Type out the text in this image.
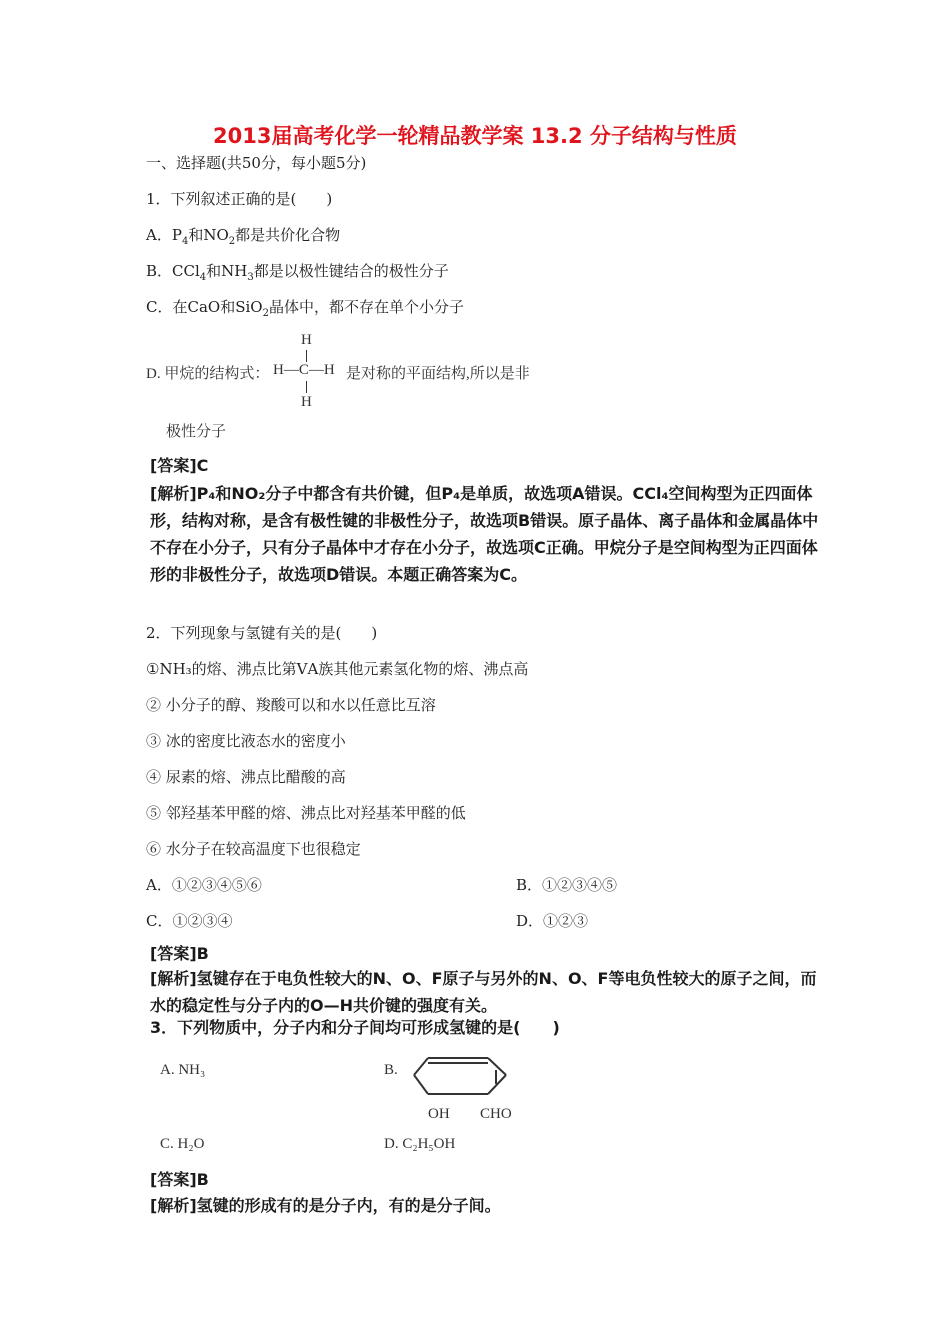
2013届高考化学一轮精品教学案 13.2 分子结构与性质
一、选择题(共50分，每小题5分)
1．下列叙述正确的是(　　)
A．$P_4$和$NO_2$都是共价化合物
B．CCl$_4$和$NH_3$都是以极性键结合的极性分子
C．在CaO和SiO$_2$晶体中，都不存在单个小分子
D. 甲烷的结构式：
H
H—C—H
H
是对称的平面结构,所以是非
极性分子
[答案]C
[解析]P₄和NO₂分子中都含有共价键，但P₄是单质，故选项A错误。CCl₄空间构型为正四面体形，结构对称，是含有极性键的非极性分子，故选项B错误。原子晶体、离子晶体和金属晶体中不存在小分子，只有分子晶体中才存在小分子，故选项C正确。甲烷分子是空间构型为正四面体形的非极性分子，故选项D错误。本题正确答案为C。
2．下列现象与氢键有关的是(　　)
①NH₃的熔、沸点比第ⅤA族其他元素氢化物的熔、沸点高
② 小分子的醇、羧酸可以和水以任意比互溶
③ 冰的密度比液态水的密度小
④ 尿素的熔、沸点比醋酸的高
⑤ 邻羟基苯甲醛的熔、沸点比对羟基苯甲醛的低
⑥ 水分子在较高温度下也很稳定
A．①②③④⑤⑥	B．①②③④⑤
C．①②③④	D．①②③
[答案]B
[解析]氢键存在于电负性较大的N、O、F原子与另外的N、O、F等电负性较大的原子之间，而水的稳定性与分子内的O—H共价键的强度有关。
3．下列物质中，分子内和分子间均可形成氢键的是(　　)
A. NH₃	B.
OH CHO
C. H₂O	D. C₂H₅OH
[答案]B
[解析]氢键的形成有的是分子内，有的是分子间。
